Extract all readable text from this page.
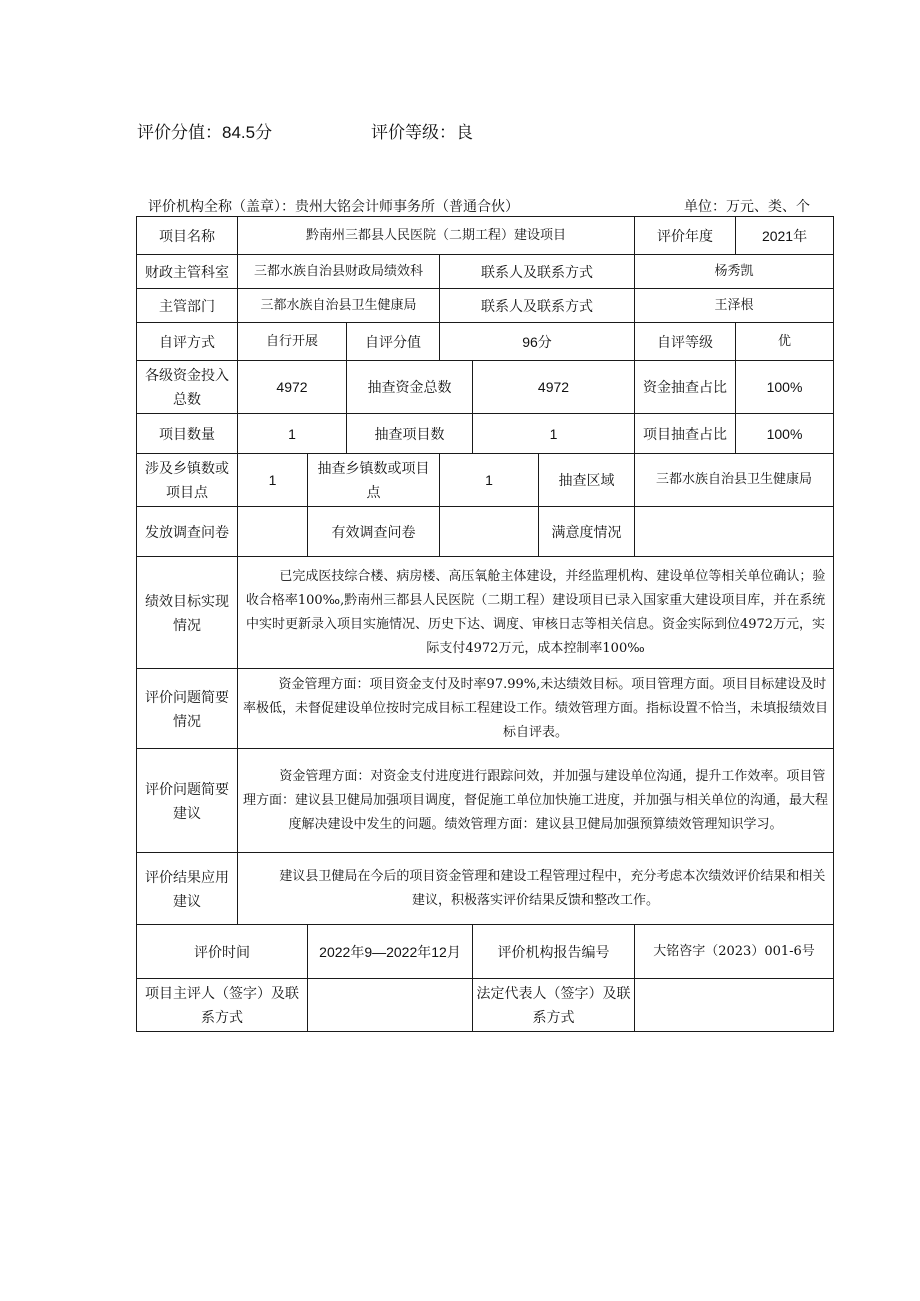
评价分值：84.5分	评价等级：良
评价机构全称（盖章）：贵州大铭会计师事务所（普通合伙）	单位：万元、类、个
项目名称	黔南州三都县人民医院（二期工程）建设项目						评价年度	2021年
财政主管科室	三都水族自治县财政局绩效科			联系人及联系方式			杨秀凯	
主管部门	三都水族自治县卫生健康局			联系人及联系方式			王泽根	
自评方式	自行开展		自评分值	96分			自评等级	优
各级资金投入总数	4972		抽查资金总数		4972		资金抽查占比	100%
项目数量	1		抽查项目数		1		项目抽查占比	100%
涉及乡镇数或项目点	1	抽查乡镇数或项目点		1		抽查区域	三都水族自治县卫生健康局	
发放调查问卷		有效调查问卷				满意度情况		
绩效目标实现情况	已完成医技综合楼、病房楼、高压氧舱主体建设，并经监理机构、建设单位等相关单位确认；验收合格率100‰,黔南州三都县人民医院（二期工程）建设项目已录入国家重大建设项目库，并在系统中实时更新录入项目实施情况、历史下达、调度、审核日志等相关信息。资金实际到位4972万元，实际支付4972万元，成本控制率100‰							

评价问题简要情况	资金管理方面：项目资金支付及时率97.99%,未达绩效目标。项目管理方面。项目目标建设及时率极低，未督促建设单位按时完成目标工程建设工作。绩效管理方面。指标设置不恰当，未填报绩效目标自评表。							

评价问题简要建议	资金管理方面：对资金支付进度进行跟踪问效，并加强与建设单位沟通，提升工作效率。项目管理方面：建议县卫健局加强项目调度，督促施工单位加快施工进度，并加强与相关单位的沟通，最大程度解决建设中发生的问题。绩效管理方面：建议县卫健局加强预算绩效管理知识学习。							

评价结果应用建议	建议县卫健局在今后的项目资金管理和建设工程管理过程中，充分考虑本次绩效评价结果和相关建议，积极落实评价结果反馈和整改工作。							

评价时间		2022年9—2022年12月			评价机构报告编号		大铭咨字（2023）001-6号	
项目主评人（签字）及联系方式					法定代表人（签字）及联系方式			
